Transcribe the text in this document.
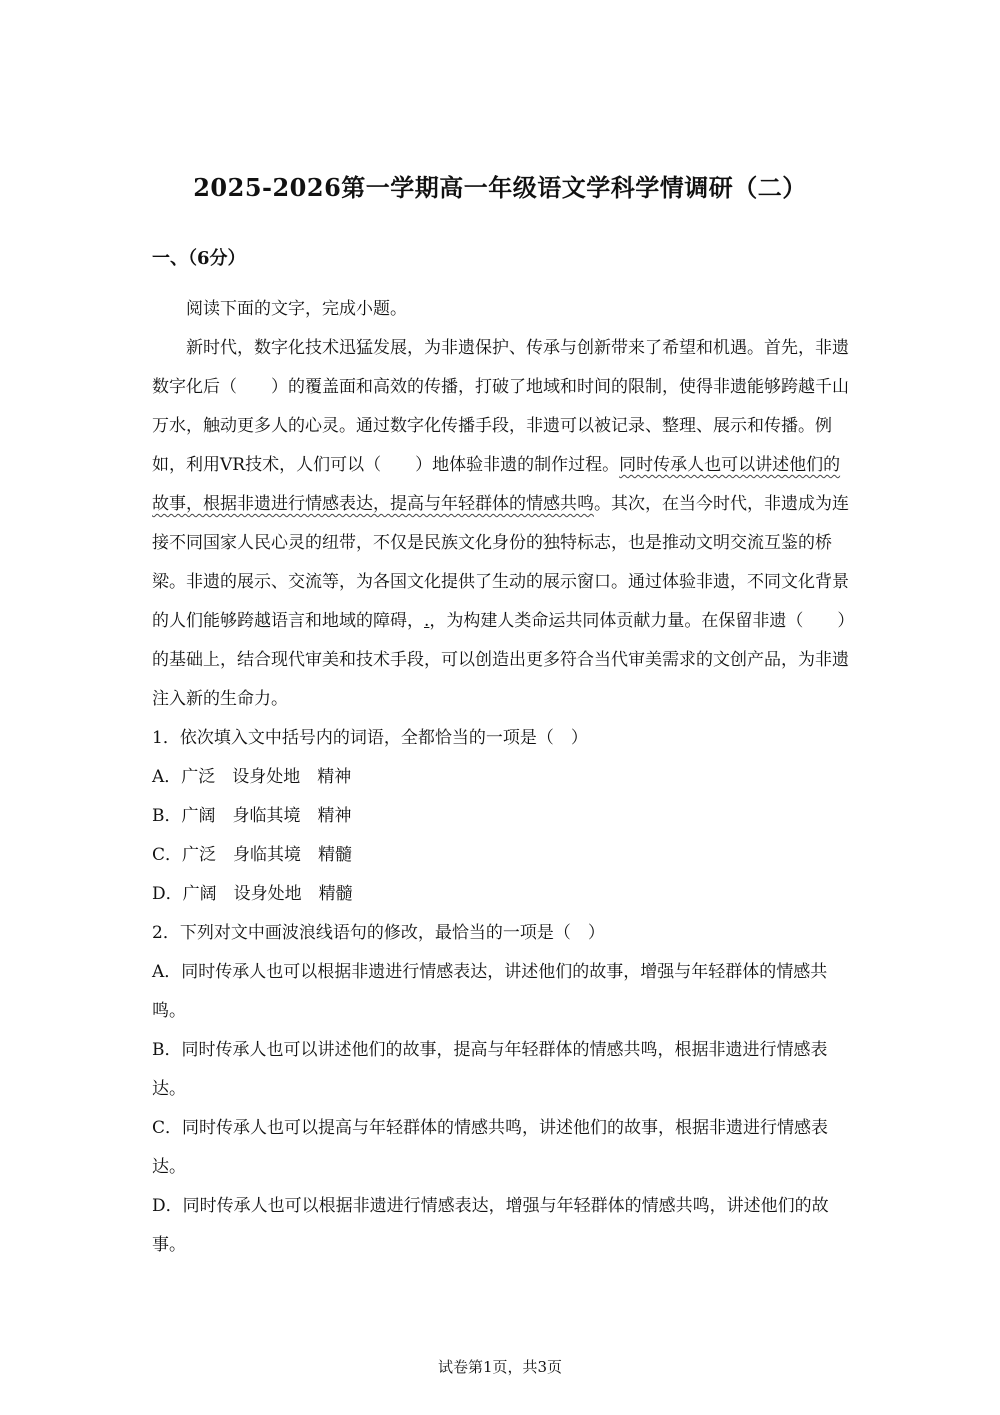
2025-2026第一学期高一年级语文学科学情调研（二）
一、（6分）

阅读下面的文字，完成小题。

新时代，数字化技术迅猛发展，为非遗保护、传承与创新带来了希望和机遇。首先，非遗数字化后（　　）的覆盖面和高效的传播，打破了地域和时间的限制，使得非遗能够跨越千山万水，触动更多人的心灵。通过数字化传播手段，非遗可以被记录、整理、展示和传播。例如，利用VR技术，人们可以（　　）地体验非遗的制作过程。同时传承人也可以讲述他们的故事，根据非遗进行情感表达，提高与年轻群体的情感共鸣。其次，在当今时代，非遗成为连接不同国家人民心灵的纽带，不仅是民族文化身份的独特标志，也是推动文明交流互鉴的桥梁。非遗的展示、交流等，为各国文化提供了生动的展示窗口。通过体验非遗，不同文化背景的人们能够跨越语言和地域的障碍，.，为构建人类命运共同体贡献力量。在保留非遗（　　）的基础上，结合现代审美和技术手段，可以创造出更多符合当代审美需求的文创产品，为非遗注入新的生命力。

1．依次填入文中括号内的词语，全都恰当的一项是（　）

A．广泛　设身处地　精神

B．广阔　身临其境　精神

C．广泛　身临其境　精髓

D．广阔　设身处地　精髓

2．下列对文中画波浪线语句的修改，最恰当的一项是（　）

A．同时传承人也可以根据非遗进行情感表达，讲述他们的故事，增强与年轻群体的情感共鸣。

B．同时传承人也可以讲述他们的故事，提高与年轻群体的情感共鸣，根据非遗进行情感表达。

C．同时传承人也可以提高与年轻群体的情感共鸣，讲述他们的故事，根据非遗进行情感表达。

D．同时传承人也可以根据非遗进行情感表达，增强与年轻群体的情感共鸣，讲述他们的故事。

试卷第1页，共3页
